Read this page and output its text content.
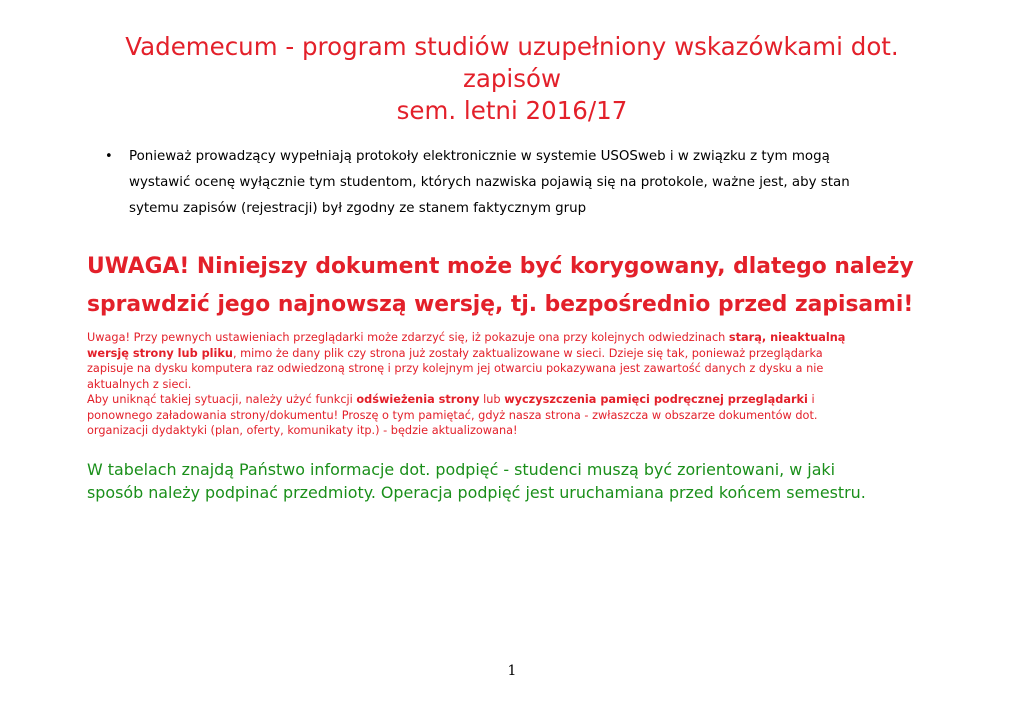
Vademecum - program studiów uzupełniony wskazówkami dot.
zapisów
sem. letni 2016/17
• Ponieważ prowadzący wypełniają protokoły elektronicznie w systemie USOSweb i w związku z tym mogą
wystawić ocenę wyłącznie tym studentom, których nazwiska pojawią się na protokole, ważne jest, aby stan
sytemu zapisów (rejestracji) był zgodny ze stanem faktycznym grup
UWAGA! Niniejszy dokument może być korygowany, dlatego należy
sprawdzić jego najnowszą wersję, tj. bezpośrednio przed zapisami!
Uwaga! Przy pewnych ustawieniach przeglądarki może zdarzyć się, iż pokazuje ona przy kolejnych odwiedzinach starą, nieaktualną
wersję strony lub pliku, mimo że dany plik czy strona już zostały zaktualizowane w sieci. Dzieje się tak, ponieważ przeglądarka
zapisuje na dysku komputera raz odwiedzoną stronę i przy kolejnym jej otwarciu pokazywana jest zawartość danych z dysku a nie
aktualnych z sieci.
Aby uniknąć takiej sytuacji, należy użyć funkcji odświeżenia strony lub wyczyszczenia pamięci podręcznej przeglądarki i
ponownego załadowania strony/dokumentu! Proszę o tym pamiętać, gdyż nasza strona - zwłaszcza w obszarze dokumentów dot.
organizacji dydaktyki (plan, oferty, komunikaty itp.) - będzie aktualizowana!
W tabelach znajdą Państwo informacje dot. podpięć - studenci muszą być zorientowani, w jaki
sposób należy podpinać przedmioty. Operacja podpięć jest uruchamiana przed końcem semestru.
1
